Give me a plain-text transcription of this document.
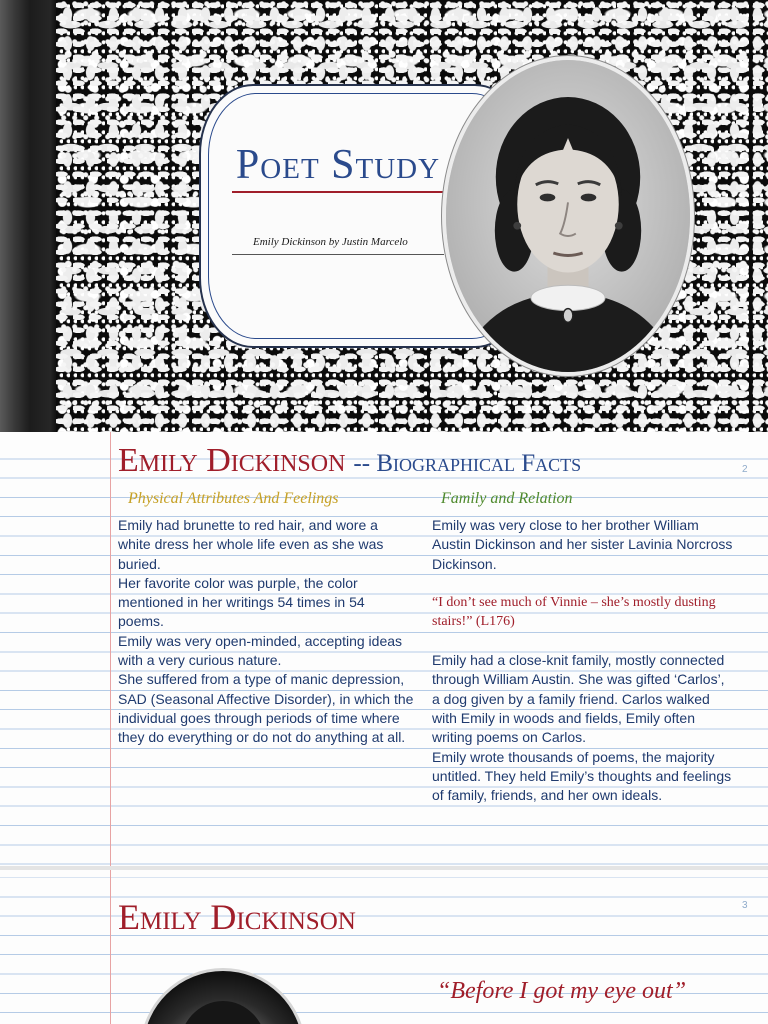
Poet Study
Emily Dickinson by Justin Marcelo
2
Emily Dickinson -- Biographical Facts
Physical Attributes And Feelings	Family and Relation

Emily had brunette to red hair, and wore a white dress her whole life even as she was buried.

Her favorite color was purple, the color mentioned in her writings 54 times in 54 poems.

Emily was very open-minded, accepting ideas with a very curious nature.

She suffered from a type of manic depression, SAD (Seasonal Affective Disorder), in which the individual goes through periods of time where they do everything or do not do anything at all.

Emily was very close to her brother William Austin Dickinson and her sister Lavinia Norcross Dickinson.

“I don’t see much of Vinnie – she’s mostly dusting stairs!” (L176)

Emily had a close-knit family, mostly connected through William Austin. She was gifted ‘Carlos’, a dog given by a family friend. Carlos walked with Emily in woods and fields, Emily often writing poems on Carlos.

Emily wrote thousands of poems, the majority untitled. They held Emily’s thoughts and feelings of family, friends, and her own ideals.

3
Emily Dickinson
“Before I got my eye out”
